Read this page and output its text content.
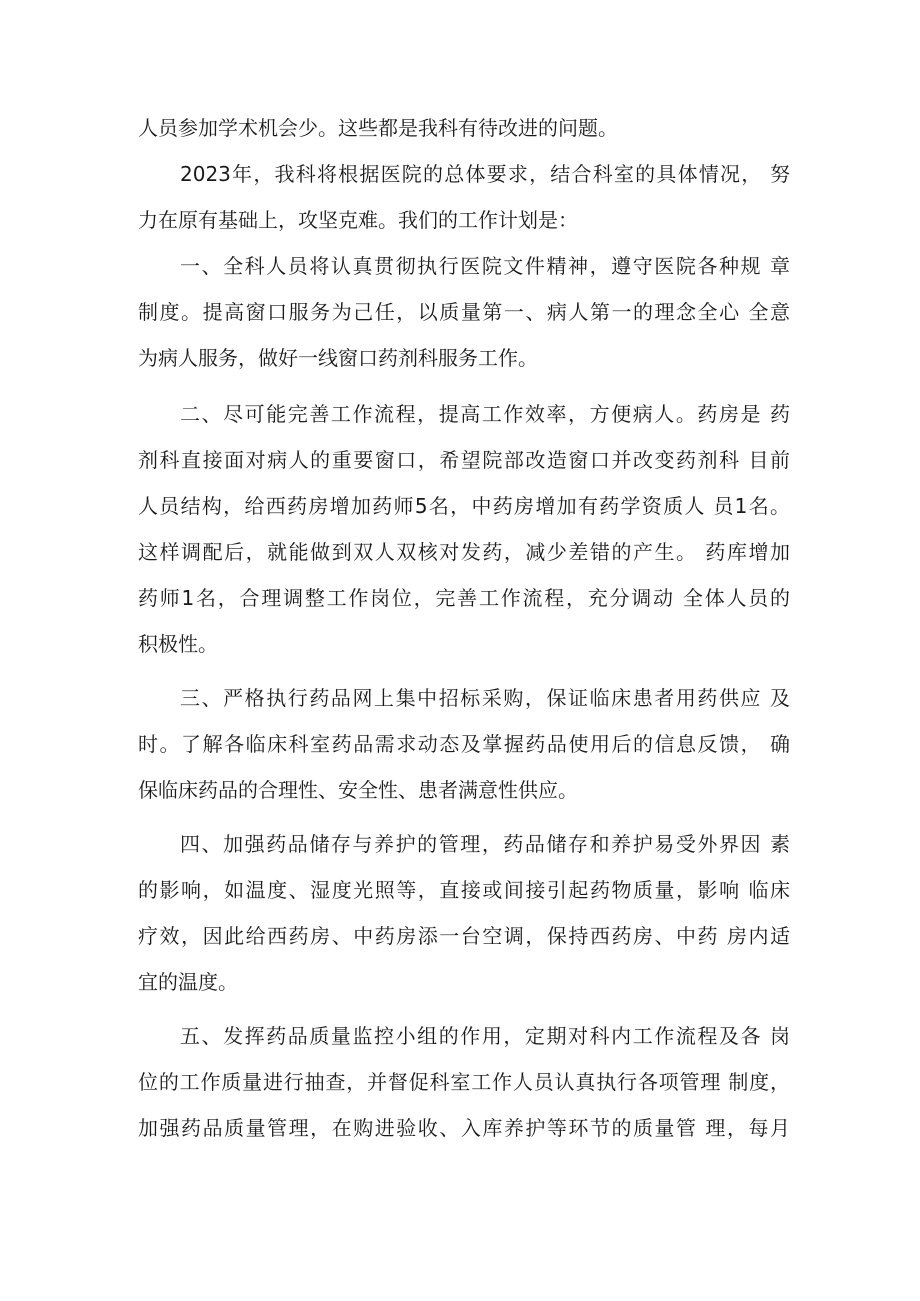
人员参加学术机会少。这些都是我科有待改进的问题。

2023年，我科将根据医院的总体要求，结合科室的具体情况， 努

力在原有基础上，攻坚克难。我们的工作计划是：

一、全科人员将认真贯彻执行医院文件精神，遵守医院各种规 章

制度。提高窗口服务为己任，以质量第一、病人第一的理念全心 全意

为病人服务，做好一线窗口药剂科服务工作。

二、尽可能完善工作流程，提高工作效率，方便病人。药房是 药

剂科直接面对病人的重要窗口，希望院部改造窗口并改变药剂科 目前

人员结构，给西药房增加药师5名，中药房增加有药学资质人 员1名。

这样调配后，就能做到双人双核对发药，减少差错的产生。 药库增加

药师1名，合理调整工作岗位，完善工作流程，充分调动 全体人员的

积极性。

三、严格执行药品网上集中招标采购，保证临床患者用药供应 及

时。了解各临床科室药品需求动态及掌握药品使用后的信息反馈， 确

保临床药品的合理性、安全性、患者满意性供应。

四、加强药品储存与养护的管理，药品储存和养护易受外界因 素

的影响，如温度、湿度光照等，直接或间接引起药物质量，影响 临床

疗效，因此给西药房、中药房添一台空调，保持西药房、中药 房内适

宜的温度。

五、发挥药品质量监控小组的作用，定期对科内工作流程及各 岗

位的工作质量进行抽查，并督促科室工作人员认真执行各项管理 制度，

加强药品质量管理，在购进验收、入库养护等环节的质量管 理，每月
